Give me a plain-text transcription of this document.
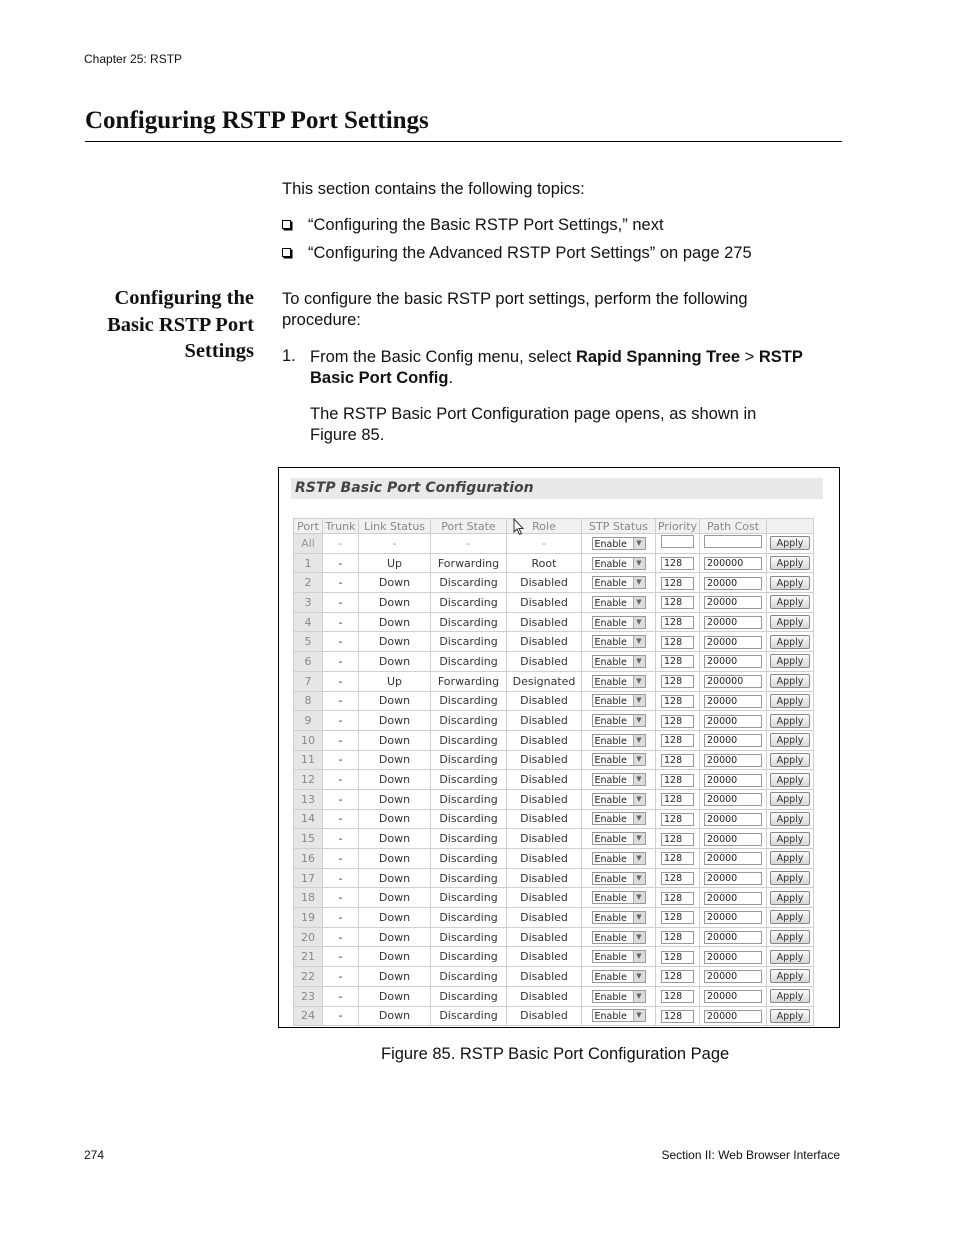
Chapter 25: RSTP
Configuring RSTP Port Settings
This section contains the following topics:
“Configuring the Basic RSTP Port Settings,” next
“Configuring the Advanced RSTP Port Settings” on page 275
Configuring the
Basic RSTP Port
Settings
To configure the basic RSTP port settings, perform the following
procedure:
1. From the Basic Config menu, select Rapid Spanning Tree > RSTP
Basic Port Config.
The RSTP Basic Port Configuration page opens, as shown in
Figure 85.
RSTP Basic Port Configuration
Port	Trunk	Link Status	Port State	Role	STP Status	Priority	Path Cost	
All	-	-	-	-	Enable ▼			Apply
1	-	Up	Forwarding	Root	Enable ▼	128	200000	Apply
2	-	Down	Discarding	Disabled	Enable ▼	128	20000	Apply
3	-	Down	Discarding	Disabled	Enable ▼	128	20000	Apply
4	-	Down	Discarding	Disabled	Enable ▼	128	20000	Apply
5	-	Down	Discarding	Disabled	Enable ▼	128	20000	Apply
6	-	Down	Discarding	Disabled	Enable ▼	128	20000	Apply
7	-	Up	Forwarding	Designated	Enable ▼	128	200000	Apply
8	-	Down	Discarding	Disabled	Enable ▼	128	20000	Apply
9	-	Down	Discarding	Disabled	Enable ▼	128	20000	Apply
10	-	Down	Discarding	Disabled	Enable ▼	128	20000	Apply
11	-	Down	Discarding	Disabled	Enable ▼	128	20000	Apply
12	-	Down	Discarding	Disabled	Enable ▼	128	20000	Apply
13	-	Down	Discarding	Disabled	Enable ▼	128	20000	Apply
14	-	Down	Discarding	Disabled	Enable ▼	128	20000	Apply
15	-	Down	Discarding	Disabled	Enable ▼	128	20000	Apply
16	-	Down	Discarding	Disabled	Enable ▼	128	20000	Apply
17	-	Down	Discarding	Disabled	Enable ▼	128	20000	Apply
18	-	Down	Discarding	Disabled	Enable ▼	128	20000	Apply
19	-	Down	Discarding	Disabled	Enable ▼	128	20000	Apply
20	-	Down	Discarding	Disabled	Enable ▼	128	20000	Apply
21	-	Down	Discarding	Disabled	Enable ▼	128	20000	Apply
22	-	Down	Discarding	Disabled	Enable ▼	128	20000	Apply
23	-	Down	Discarding	Disabled	Enable ▼	128	20000	Apply
24	-	Down	Discarding	Disabled	Enable ▼	128	20000	Apply
Figure 85. RSTP Basic Port Configuration Page
274	Section II: Web Browser Interface
